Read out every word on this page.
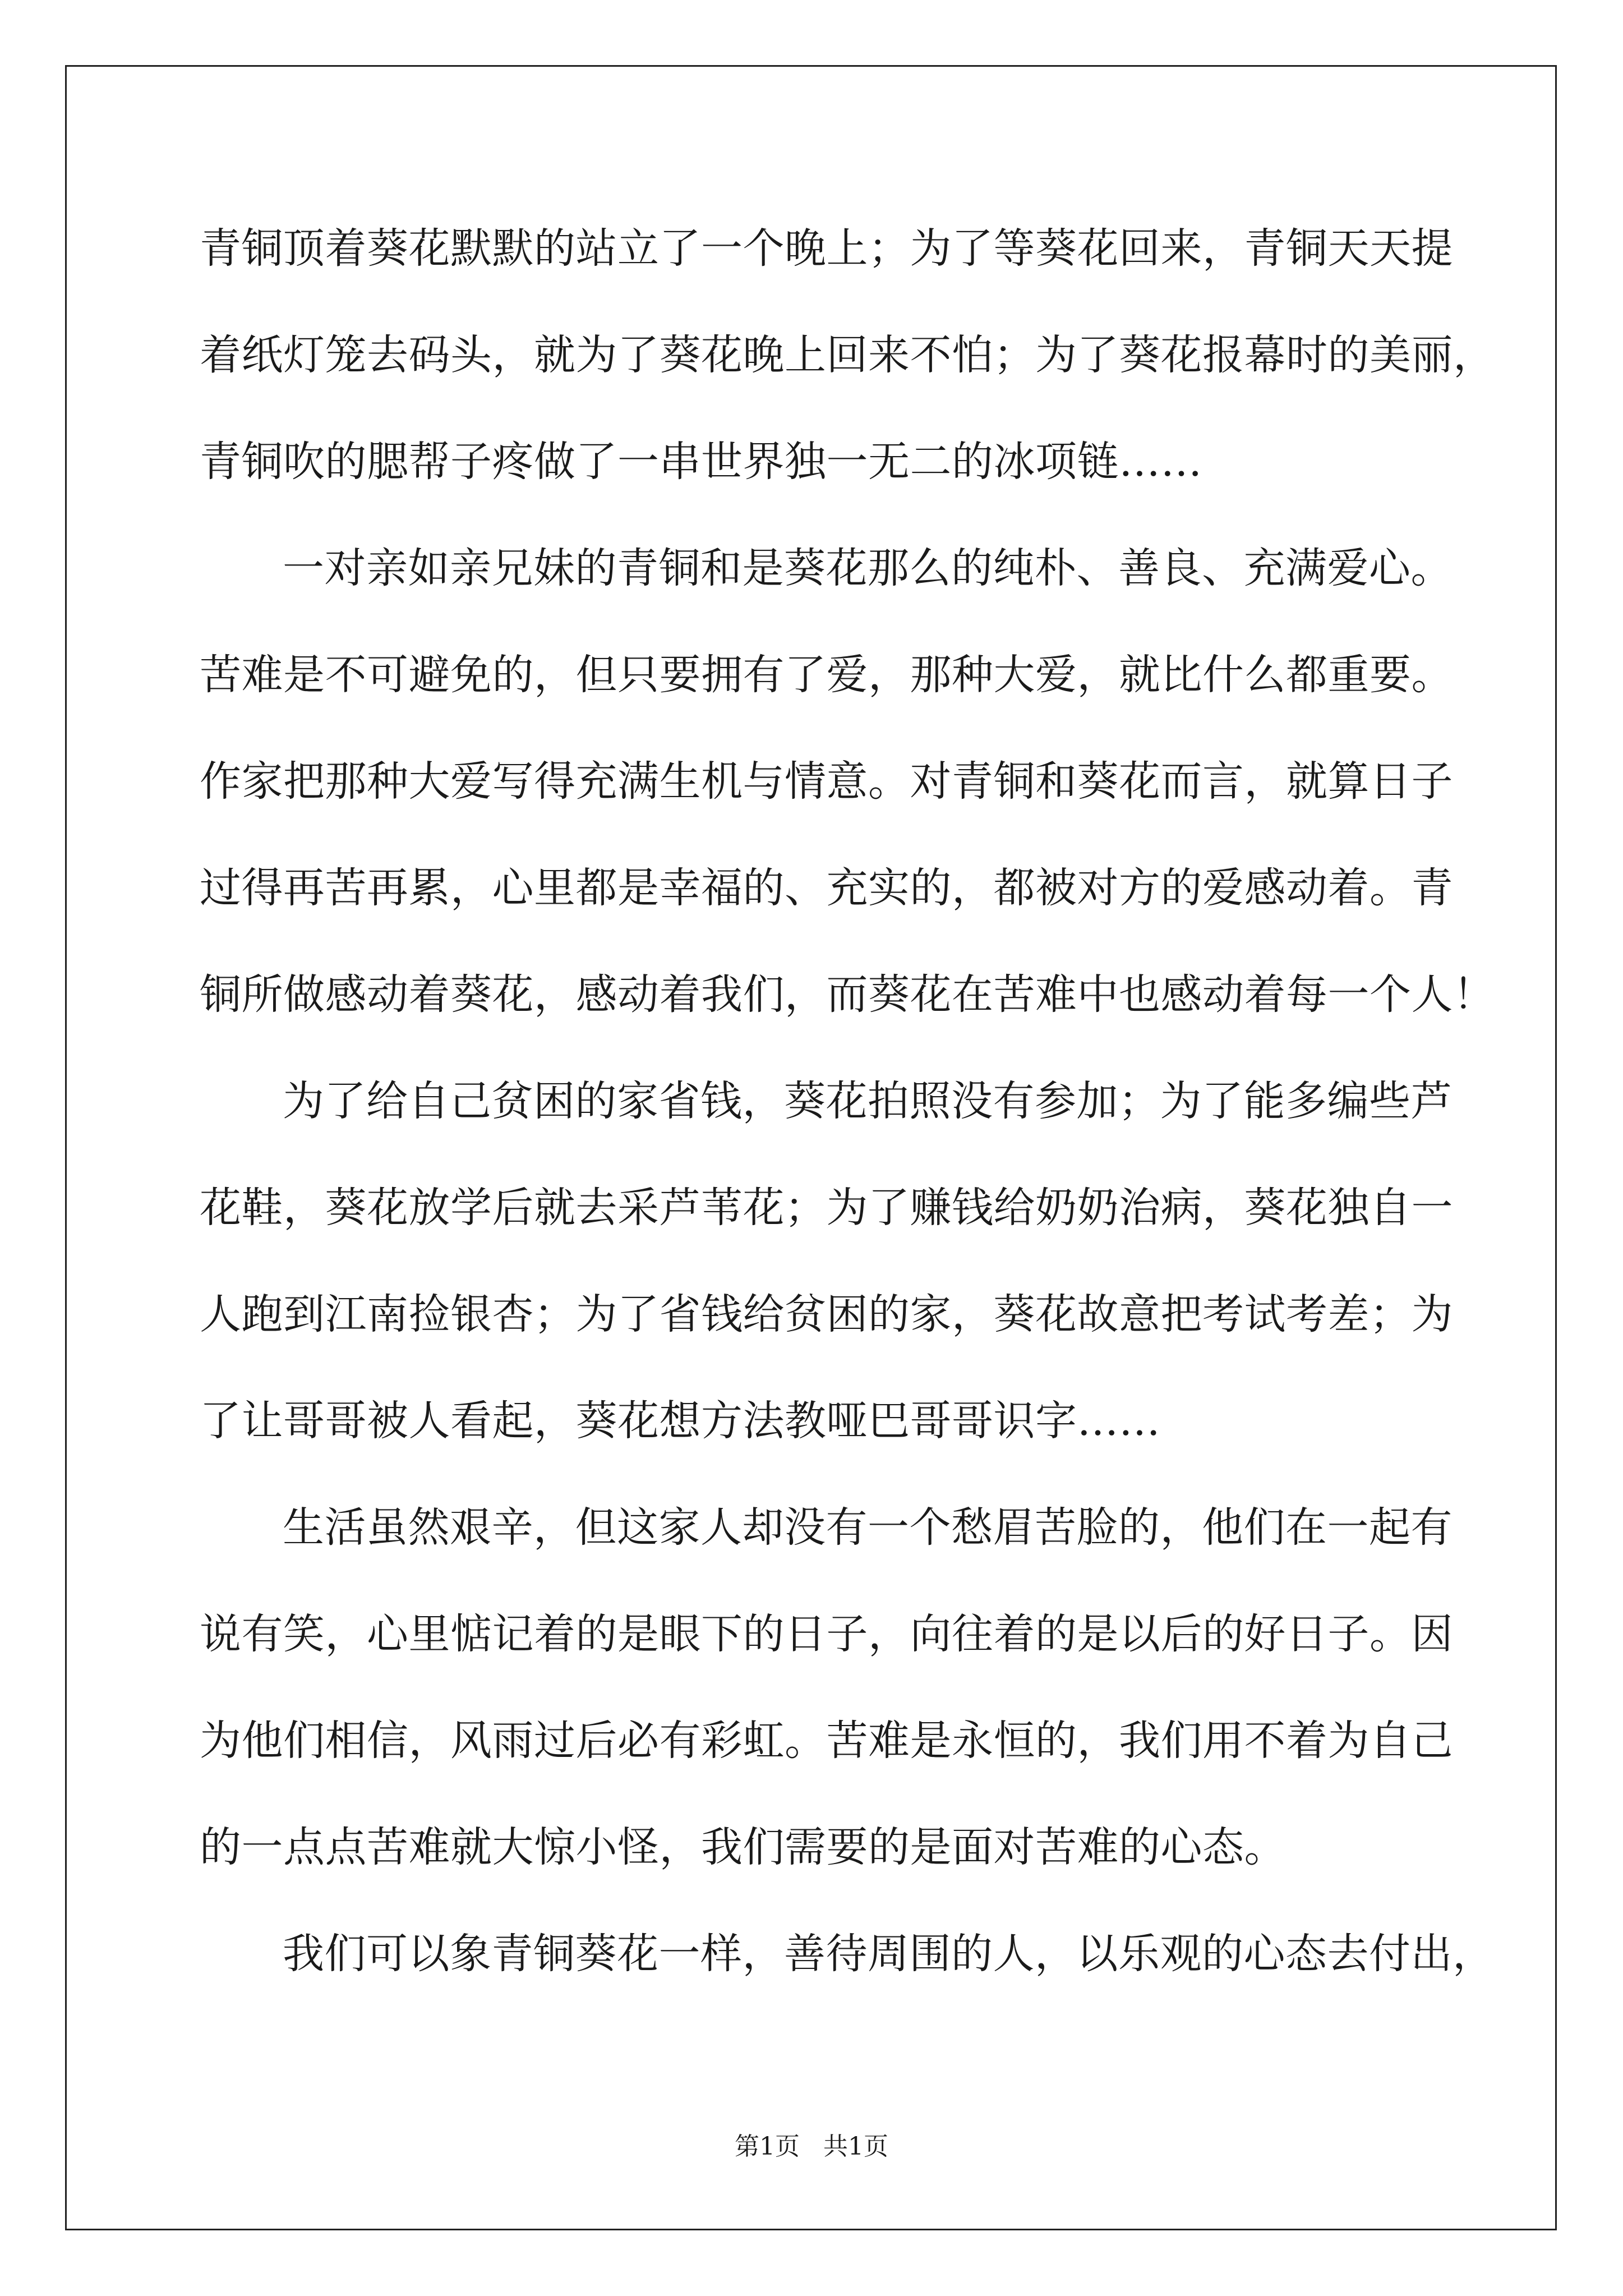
青铜顶着葵花默默的站立了一个晚上；为了等葵花回来，青铜天天提
着纸灯笼去码头，就为了葵花晚上回来不怕；为了葵花报幕时的美丽，
青铜吹的腮帮子疼做了一串世界独一无二的冰项链……
一对亲如亲兄妹的青铜和是葵花那么的纯朴、善良、充满爱心。
苦难是不可避免的，但只要拥有了爱，那种大爱，就比什么都重要。
作家把那种大爱写得充满生机与情意。对青铜和葵花而言，就算日子
过得再苦再累，心里都是幸福的、充实的，都被对方的爱感动着。青
铜所做感动着葵花，感动着我们，而葵花在苦难中也感动着每一个人！
为了给自己贫困的家省钱，葵花拍照没有参加；为了能多编些芦
花鞋，葵花放学后就去采芦苇花；为了赚钱给奶奶治病，葵花独自一
人跑到江南捡银杏；为了省钱给贫困的家，葵花故意把考试考差；为
了让哥哥被人看起，葵花想方法教哑巴哥哥识字……
生活虽然艰辛，但这家人却没有一个愁眉苦脸的，他们在一起有
说有笑，心里惦记着的是眼下的日子，向往着的是以后的好日子。因
为他们相信，风雨过后必有彩虹。苦难是永恒的，我们用不着为自己
的一点点苦难就大惊小怪，我们需要的是面对苦难的心态。
我们可以象青铜葵花一样，善待周围的人，以乐观的心态去付出，
第1页 共1页
